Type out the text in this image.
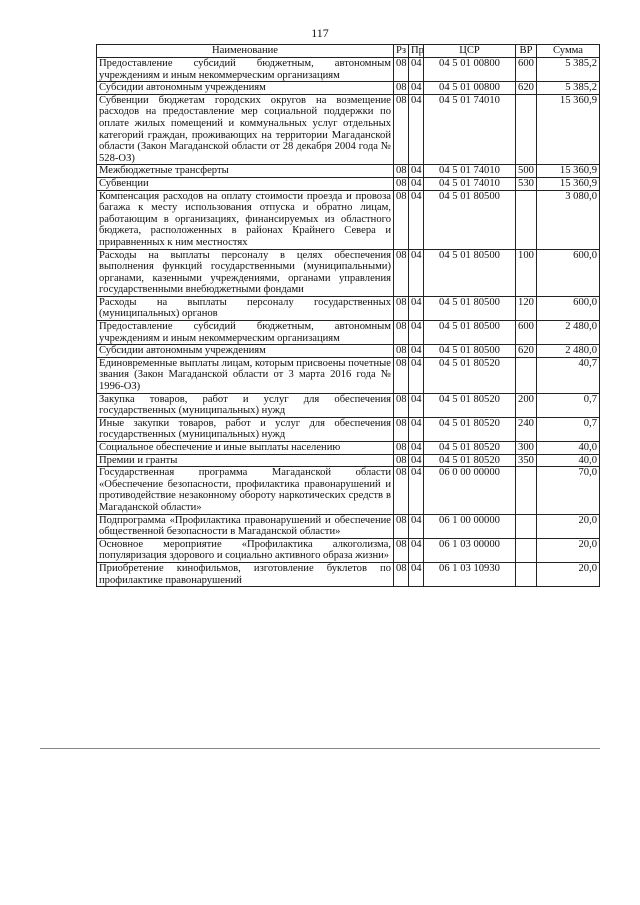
117
Наименование	Рз	Пр	ЦСР	ВР	Сумма
Предоставление субсидий бюджетным, автономным учреждениям и иным некоммерческим организациям	08	04	04 5 01 00800	600	5 385,2
Субсидии автономным учреждениям	08	04	04 5 01 00800	620	5 385,2
Субвенции бюджетам городских округов на возмещение расходов на предоставление мер социальной поддержки по оплате жилых помещений и коммунальных услуг отдельных категорий граждан, проживающих на территории Магаданской области (Закон Магаданской области от 28 декабря 2004 года № 528-ОЗ)	08	04	04 5 01 74010		15 360,9
Межбюджетные трансферты	08	04	04 5 01 74010	500	15 360,9
Субвенции	08	04	04 5 01 74010	530	15 360,9
Компенсация расходов на оплату стоимости проезда и провоза багажа к месту использования отпуска и обратно лицам, работающим в организациях, финансируемых из областного бюджета, расположенных в районах Крайнего Севера и приравненных к ним местностях	08	04	04 5 01 80500		3 080,0
Расходы на выплаты персоналу в целях обеспечения выполнения функций государственными (муниципальными) органами, казенными учреждениями, органами управления государственными внебюджетными фондами	08	04	04 5 01 80500	100	600,0
Расходы на выплаты персоналу государственных (муниципальных) органов	08	04	04 5 01 80500	120	600,0
Предоставление субсидий бюджетным, автономным учреждениям и иным некоммерческим организациям	08	04	04 5 01 80500	600	2 480,0
Субсидии автономным учреждениям	08	04	04 5 01 80500	620	2 480,0
Единовременные выплаты лицам, которым присвоены почетные звания (Закон Магаданской области от 3 марта 2016 года № 1996-ОЗ)	08	04	04 5 01 80520		40,7
Закупка товаров, работ и услуг для обеспечения государственных (муниципальных) нужд	08	04	04 5 01 80520	200	0,7
Иные закупки товаров, работ и услуг для обеспечения государственных (муниципальных) нужд	08	04	04 5 01 80520	240	0,7
Социальное обеспечение и иные выплаты населению	08	04	04 5 01 80520	300	40,0
Премии и гранты	08	04	04 5 01 80520	350	40,0
Государственная программа Магаданской области «Обеспечение безопасности, профилактика правонарушений и противодействие незаконному обороту наркотических средств в Магаданской области»	08	04	06 0 00 00000		70,0
Подпрограмма «Профилактика правонарушений и обеспечение общественной безопасности в Магаданской области»	08	04	06 1 00 00000		20,0
Основное мероприятие «Профилактика алкоголизма, популяризация здорового и социально активного образа жизни»	08	04	06 1 03 00000		20,0
Приобретение кинофильмов, изготовление буклетов по профилактике правонарушений	08	04	06 1 03 10930		20,0
